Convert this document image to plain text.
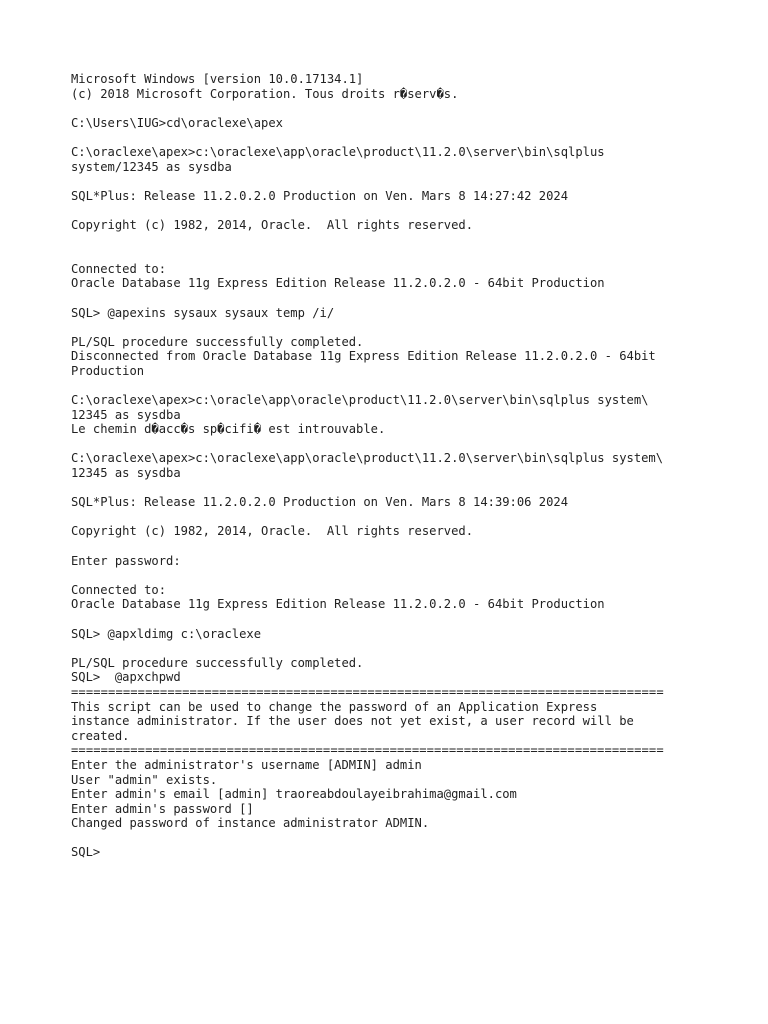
Microsoft Windows [version 10.0.17134.1]
(c) 2018 Microsoft Corporation. Tous droits r�serv�s.
C:\Users\IUG>cd\oraclexe\apex
C:\oraclexe\apex>c:\oraclexe\app\oracle\product\11.2.0\server\bin\sqlplus
system/12345 as sysdba
SQL*Plus: Release 11.2.0.2.0 Production on Ven. Mars 8 14:27:42 2024
Copyright (c) 1982, 2014, Oracle.  All rights reserved.
Connected to:
Oracle Database 11g Express Edition Release 11.2.0.2.0 - 64bit Production
SQL> @apexins sysaux sysaux temp /i/
PL/SQL procedure successfully completed.
Disconnected from Oracle Database 11g Express Edition Release 11.2.0.2.0 - 64bit
Production
C:\oraclexe\apex>c:\oracle\app\oracle\product\11.2.0\server\bin\sqlplus system\
12345 as sysdba
Le chemin d�acc�s sp�cifi� est introuvable.
C:\oraclexe\apex>c:\oraclexe\app\oracle\product\11.2.0\server\bin\sqlplus system\
12345 as sysdba
SQL*Plus: Release 11.2.0.2.0 Production on Ven. Mars 8 14:39:06 2024
Copyright (c) 1982, 2014, Oracle.  All rights reserved.
Enter password:
Connected to:
Oracle Database 11g Express Edition Release 11.2.0.2.0 - 64bit Production
SQL> @apxldimg c:\oraclexe
PL/SQL procedure successfully completed.
SQL>  @apxchpwd
================================================================================
This script can be used to change the password of an Application Express
instance administrator. If the user does not yet exist, a user record will be
created.
================================================================================
Enter the administrator's username [ADMIN] admin
User "admin" exists.
Enter admin's email [admin] traoreabdoulayeibrahima@gmail.com
Enter admin's password []
Changed password of instance administrator ADMIN.
SQL>
